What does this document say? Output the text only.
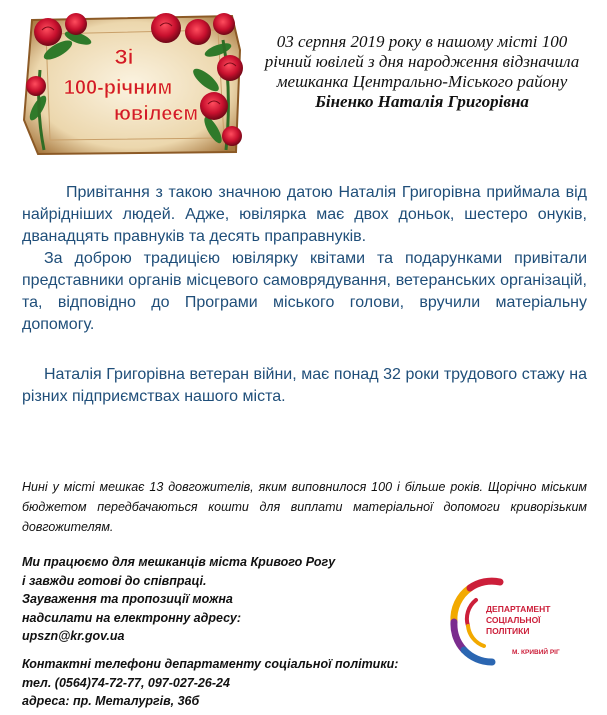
Зі
100-річним
ювілеєм

03 серпня 2019 року в нашому місті 100 річний ювілей з дня народження відзначила мешканка Центрально-Міського району
Біненко Наталія Григорівна

Привітання з такою значною датою Наталія Григорівна приймала від найрідніших людей. Адже, ювілярка має двох доньок, шестеро онуків, дванадцять правнуків та десять праправнуків.

За доброю традицією ювілярку квітами та подарунками привітали представники органів місцевого самоврядування, ветеранських організацій, та, відповідно до Програми міського голови, вручили матеріальну допомогу.

Наталія Григорівна ветеран війни, має понад 32 роки трудового стажу на різних підприємствах нашого міста.

Нині у місті мешкає 13 довгожителів, яким виповнилося 100 і більше років. Щорічно міським бюджетом передбачаються кошти для виплати матеріальної допомоги криворізьким довгожителям.

Ми працюємо для мешканців міста Кривого Рогу
і завжди готові до співпраці.
Зауваження та пропозиції можна
надсилати на електронну адресу:
upszn@kr.gov.ua
Контактні телефони департаменту соціальної політики:
тел. (0564)74-72-77, 097-027-26-24
адреса: пр. Металургів, 36б
ДЕПАРТАМЕНТ
СОЦІАЛЬНОЇ
ПОЛІТИКИ
М. КРИВИЙ РІГ
